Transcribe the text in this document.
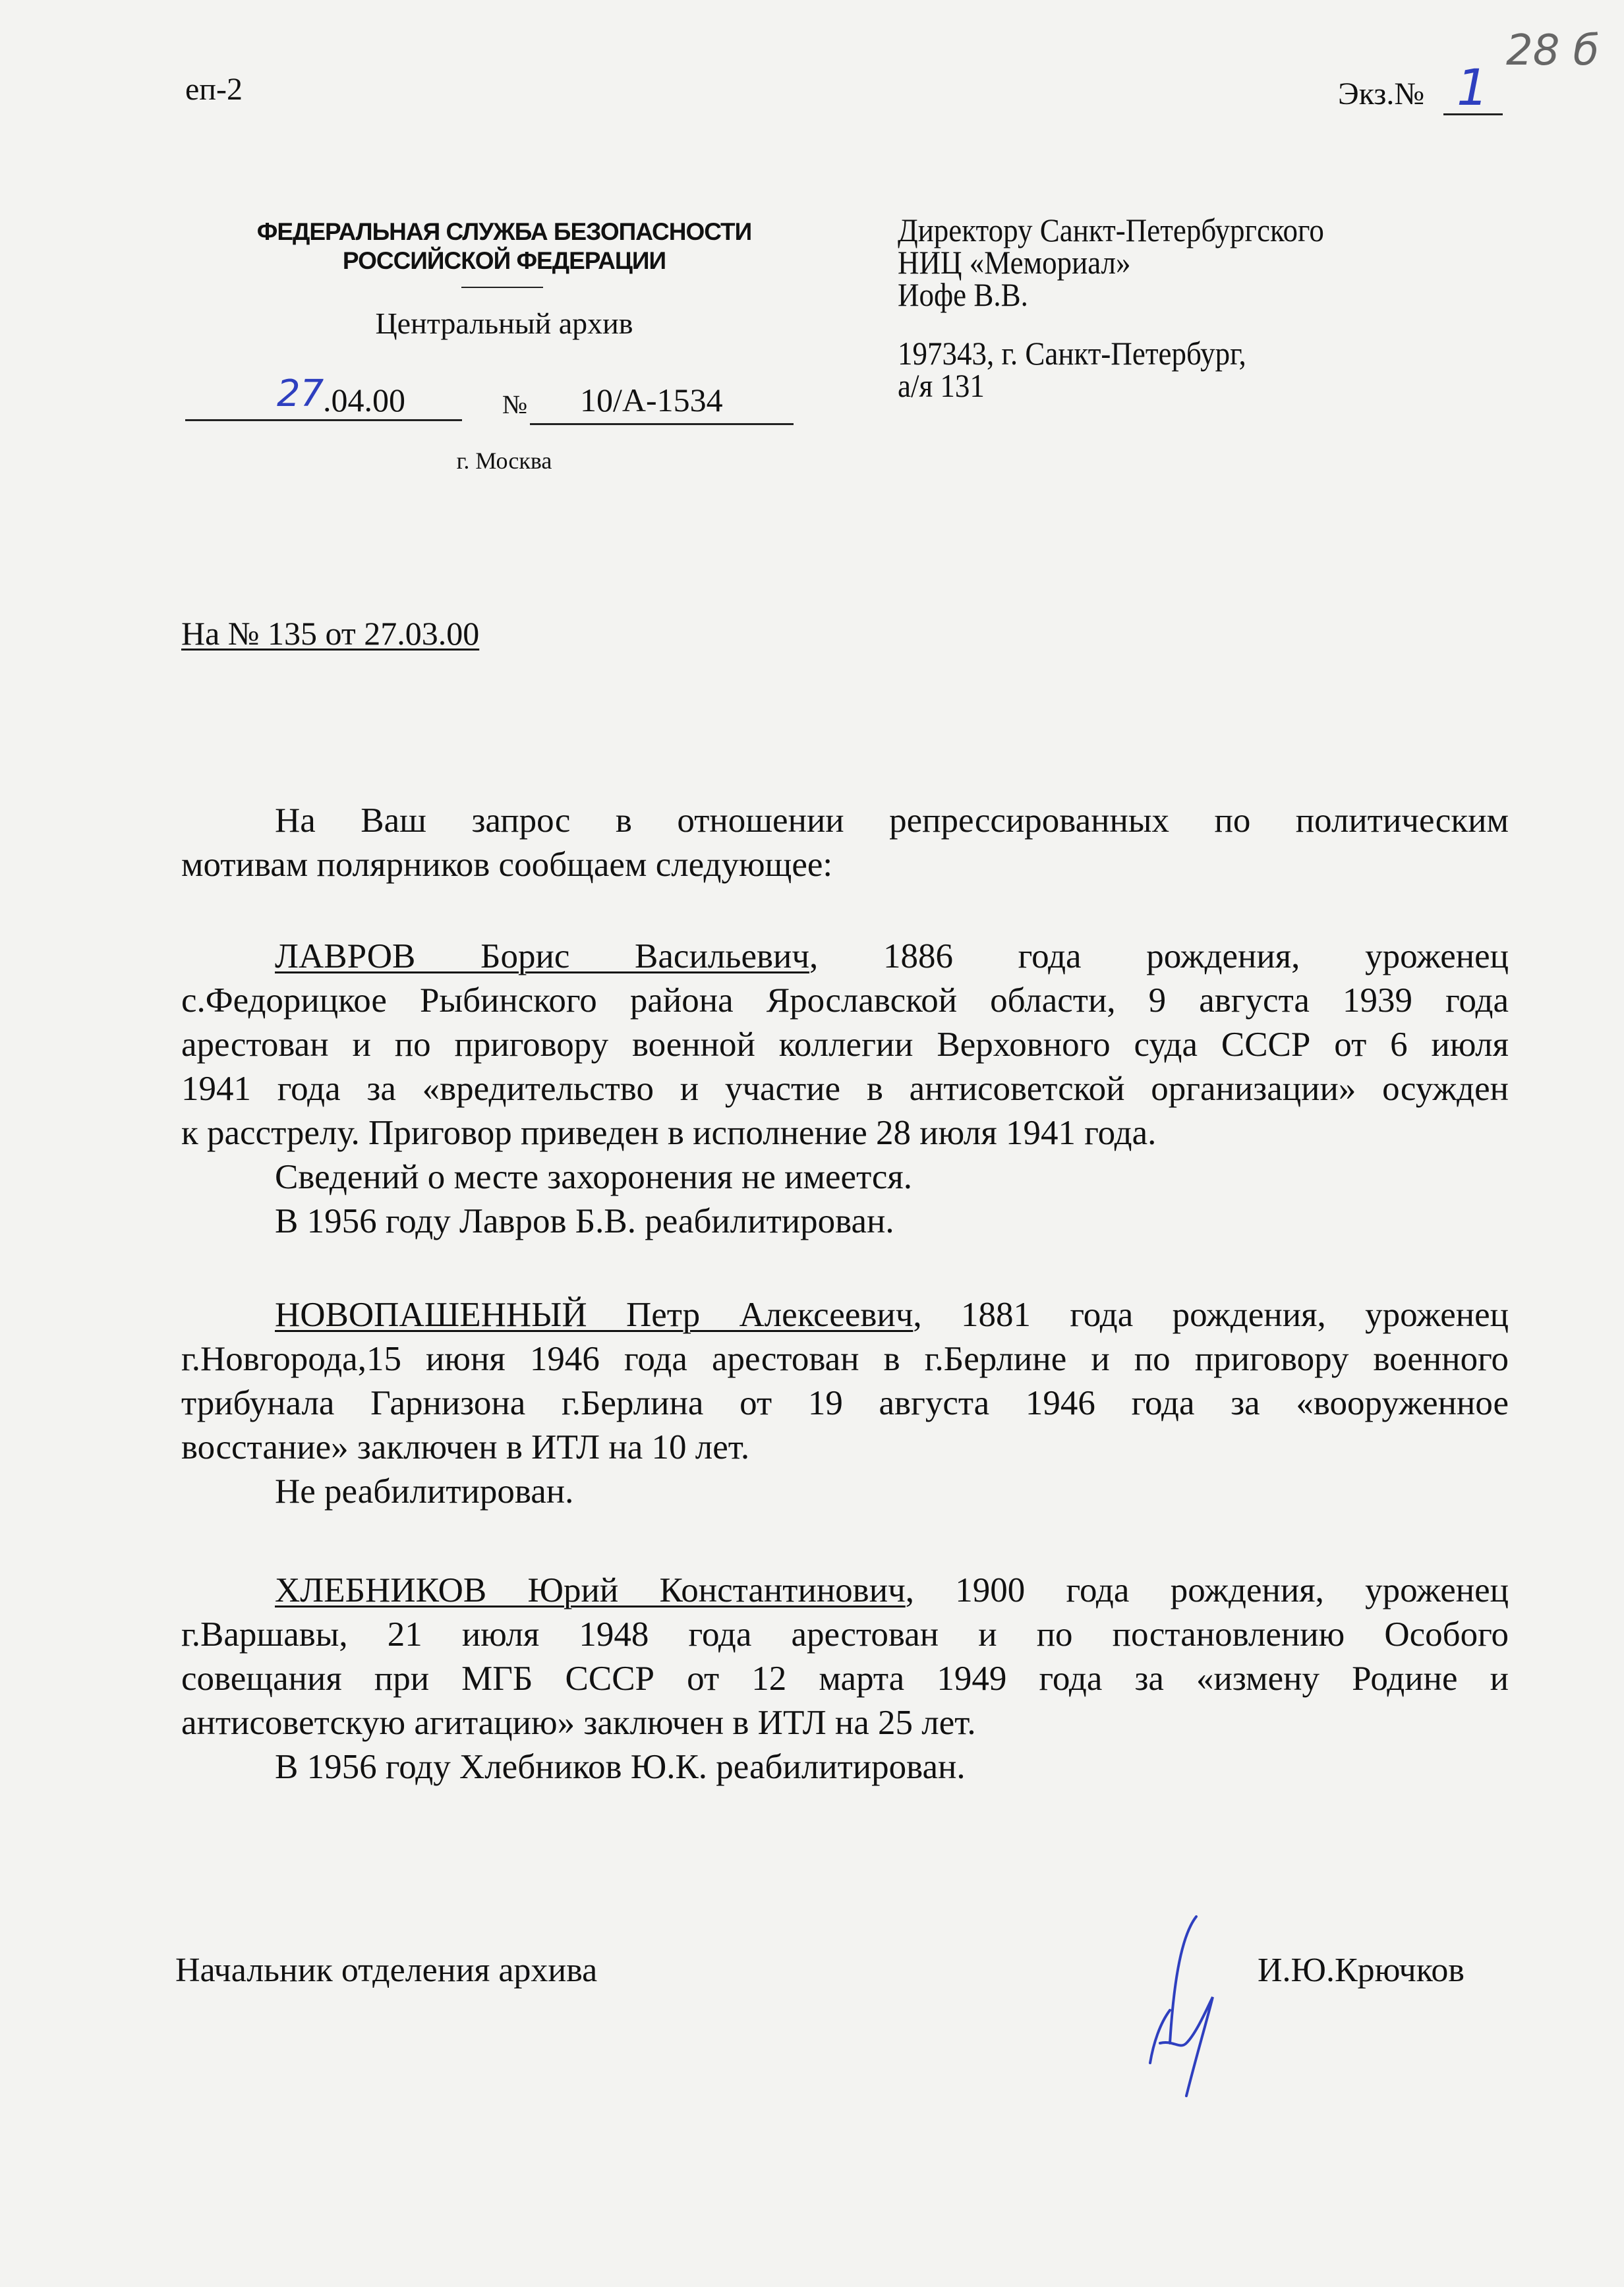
еп-2	Экз.№ 1
28 б
ФЕДЕРАЛЬНАЯ СЛУЖБА БЕЗОПАСНОСТИ
РОССИЙСКОЙ ФЕДЕРАЦИИ
Центральный архив
27
.04.00	№ 10/А-1534
г. Москва
Директору Санкт-Петербургского
НИЦ «Мемориал»
Иофе В.В.
197343, г. Санкт-Петербург,
а/я 131
На № 135 от 27.03.00
На Ваш запрос в отношении репрессированных по политическим
мотивам полярников сообщаем следующее:
ЛАВРОВ Борис Васильевич, 1886 года рождения, уроженец
с.Федорицкое Рыбинского района Ярославской области, 9 августа 1939 года
арестован и по приговору военной коллегии Верховного суда СССР от 6 июля
1941 года за «вредительство и участие в антисоветской организации» осужден
к расстрелу. Приговор приведен в исполнение 28 июля 1941 года.
Сведений о месте захоронения не имеется.
В 1956 году Лавров Б.В. реабилитирован.
НОВОПАШЕННЫЙ Петр Алексеевич, 1881 года рождения, уроженец
г.Новгорода,15 июня 1946 года арестован в г.Берлине и по приговору военного
трибунала Гарнизона г.Берлина от 19 августа 1946 года за «вооруженное
восстание» заключен в ИТЛ на 10 лет.
Не реабилитирован.
ХЛЕБНИКОВ Юрий Константинович, 1900 года рождения, уроженец
г.Варшавы, 21 июля 1948 года арестован и по постановлению Особого
совещания при МГБ СССР от 12 марта 1949 года за «измену Родине и
антисоветскую агитацию» заключен в ИТЛ на 25 лет.
В 1956 году Хлебников Ю.К. реабилитирован.
Начальник отделения архива	И.Ю.Крючков
